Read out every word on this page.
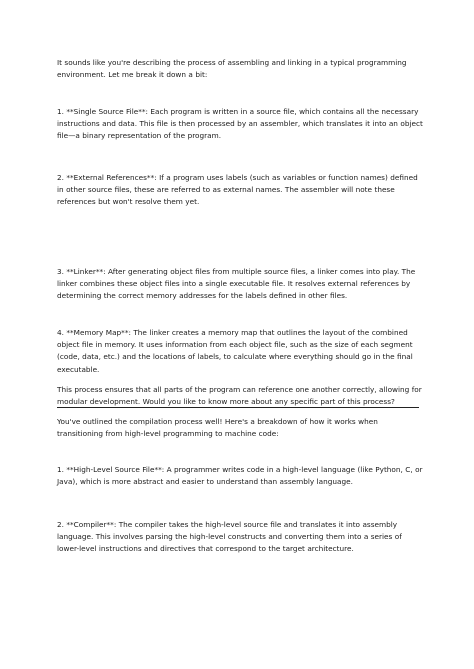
It sounds like you're describing the process of assembling and linking in a typical programming environment. Let me break it down a bit:

1. **Single Source File**: Each program is written in a source file, which contains all the necessary instructions and data. This file is then processed by an assembler, which translates it into an object file—a binary representation of the program.

2. **External References**: If a program uses labels (such as variables or function names) defined in other source files, these are referred to as external names. The assembler will note these references but won't resolve them yet.

3. **Linker**: After generating object files from multiple source files, a linker comes into play. The linker combines these object files into a single executable file. It resolves external references by determining the correct memory addresses for the labels defined in other files.

4. **Memory Map**: The linker creates a memory map that outlines the layout of the combined object file in memory. It uses information from each object file, such as the size of each segment (code, data, etc.) and the locations of labels, to calculate where everything should go in the final executable.

This process ensures that all parts of the program can reference one another correctly, allowing for modular development. Would you like to know more about any specific part of this process?

You've outlined the compilation process well! Here's a breakdown of how it works when transitioning from high-level programming to machine code:

1. **High-Level Source File**: A programmer writes code in a high-level language (like Python, C, or Java), which is more abstract and easier to understand than assembly language.

2. **Compiler**: The compiler takes the high-level source file and translates it into assembly language. This involves parsing the high-level constructs and converting them into a series of lower-level instructions and directives that correspond to the target architecture.
